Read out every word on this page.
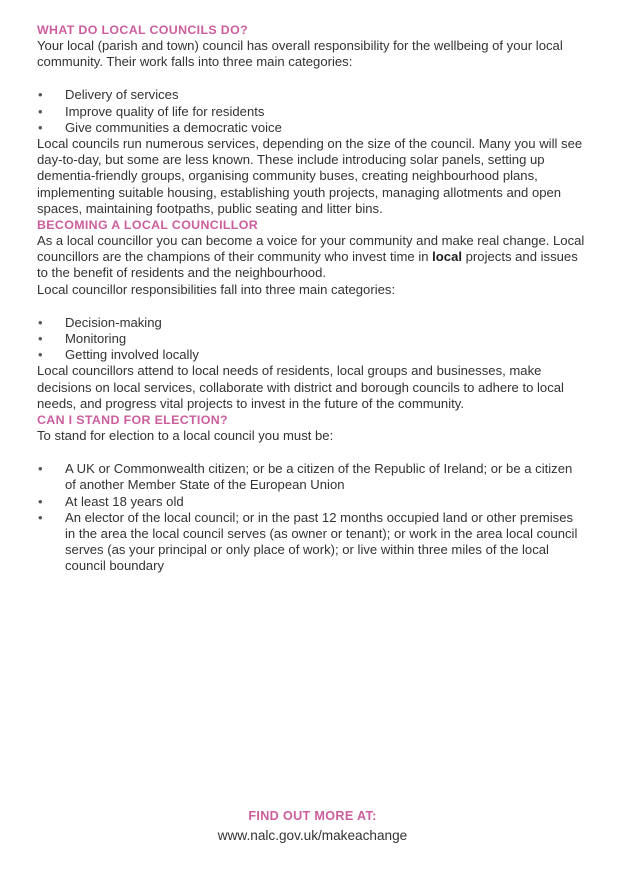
WHAT DO LOCAL COUNCILS DO?

Your local (parish and town) council has overall responsibility for the wellbeing of your local community. Their work falls into three main categories:

• Delivery of services
• Improve quality of life for residents
• Give communities a democratic voice

Local councils run numerous services, depending on the size of the council. Many you will see day-to-day, but some are less known. These include introducing solar panels, setting up dementia-friendly groups, organising community buses, creating neighbourhood plans, implementing suitable housing, establishing youth projects, managing allotments and open spaces, maintaining footpaths, public seating and litter bins.

BECOMING A LOCAL COUNCILLOR

As a local councillor you can become a voice for your community and make real change. Local councillors are the champions of their community who invest time in local projects and issues to the benefit of residents and the neighbourhood.

Local councillor responsibilities fall into three main categories:

• Decision-making
• Monitoring
• Getting involved locally

Local councillors attend to local needs of residents, local groups and businesses, make decisions on local services, collaborate with district and borough councils to adhere to local needs, and progress vital projects to invest in the future of the community.

CAN I STAND FOR ELECTION?

To stand for election to a local council you must be:

• A UK or Commonwealth citizen; or be a citizen of the Republic of Ireland; or be a citizen of another Member State of the European Union
• At least 18 years old
• An elector of the local council; or in the past 12 months occupied land or other premises in the area the local council serves (as owner or tenant); or work in the area local council serves (as your principal or only place of work); or live within three miles of the local council boundary

FIND OUT MORE AT:

www.nalc.gov.uk/makeachange
